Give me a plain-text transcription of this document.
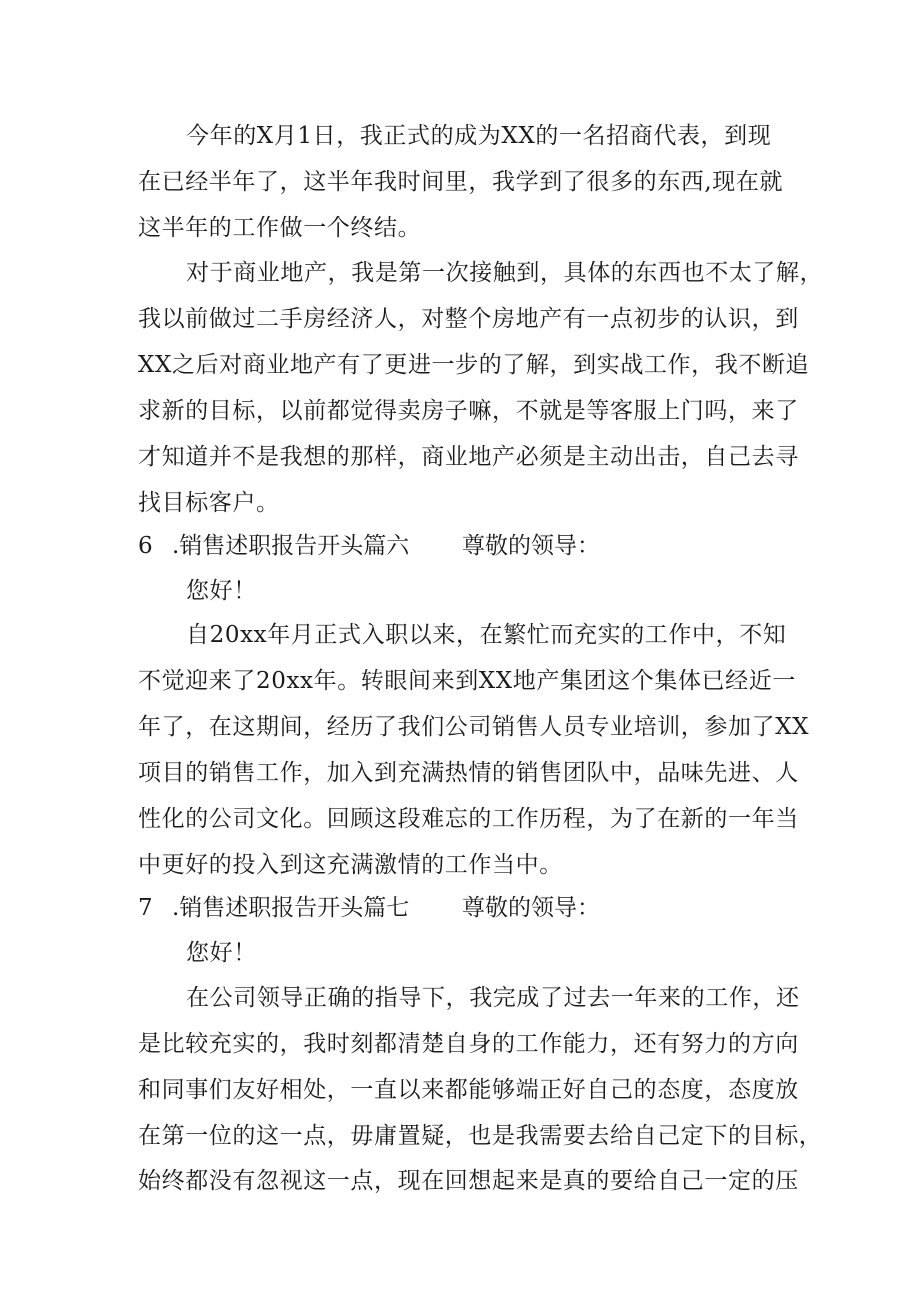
今年的X月1日，我正式的成为XX的一名招商代表，到现
在已经半年了，这半年我时间里，我学到了很多的东西,现在就
这半年的工作做一个终结。
对于商业地产，我是第一次接触到，具体的东西也不太了解，
我以前做过二手房经济人，对整个房地产有一点初步的认识，到
XX之后对商业地产有了更进一步的了解，到实战工作，我不断追
求新的目标，以前都觉得卖房子嘛，不就是等客服上门吗，来了
才知道并不是我想的那样，商业地产必须是主动出击，自己去寻
找目标客户。
6 .销售述职报告开头篇六 尊敬的领导：
您好！
自20xx年月正式入职以来，在繁忙而充实的工作中，不知
不觉迎来了20xx年。转眼间来到XX地产集团这个集体已经近一
年了，在这期间，经历了我们公司销售人员专业培训，参加了XX
项目的销售工作，加入到充满热情的销售团队中，品味先进、人
性化的公司文化。回顾这段难忘的工作历程，为了在新的一年当
中更好的投入到这充满激情的工作当中。
7 .销售述职报告开头篇七 尊敬的领导：
您好！
在公司领导正确的指导下，我完成了过去一年来的工作，还
是比较充实的，我时刻都清楚自身的工作能力，还有努力的方向
和同事们友好相处，一直以来都能够端正好自己的态度，态度放
在第一位的这一点，毋庸置疑，也是我需要去给自己定下的目标，
始终都没有忽视这一点，现在回想起来是真的要给自己一定的压
